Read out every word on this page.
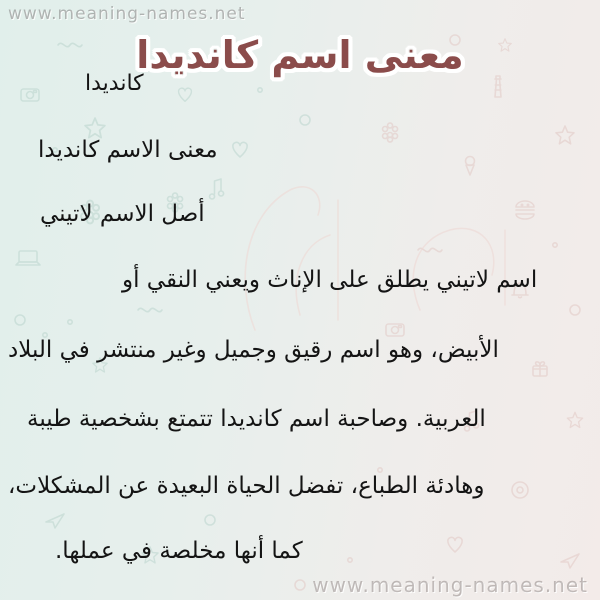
www.meaning-names.net
معنى اسم كانديدا
كانديدا
معنى الاسم كانديدا
أصل الاسم لاتيني
اسم لاتيني يطلق على الإناث ويعني النقي أو
الأبيض، وهو اسم رقيق وجميل وغير منتشر في البلاد
العربية. وصاحبة اسم كانديدا تتمتع بشخصية طيبة
وهادئة الطباع، تفضل الحياة البعيدة عن المشكلات،
كما أنها مخلصة في عملها.
www.meaning-names.net
